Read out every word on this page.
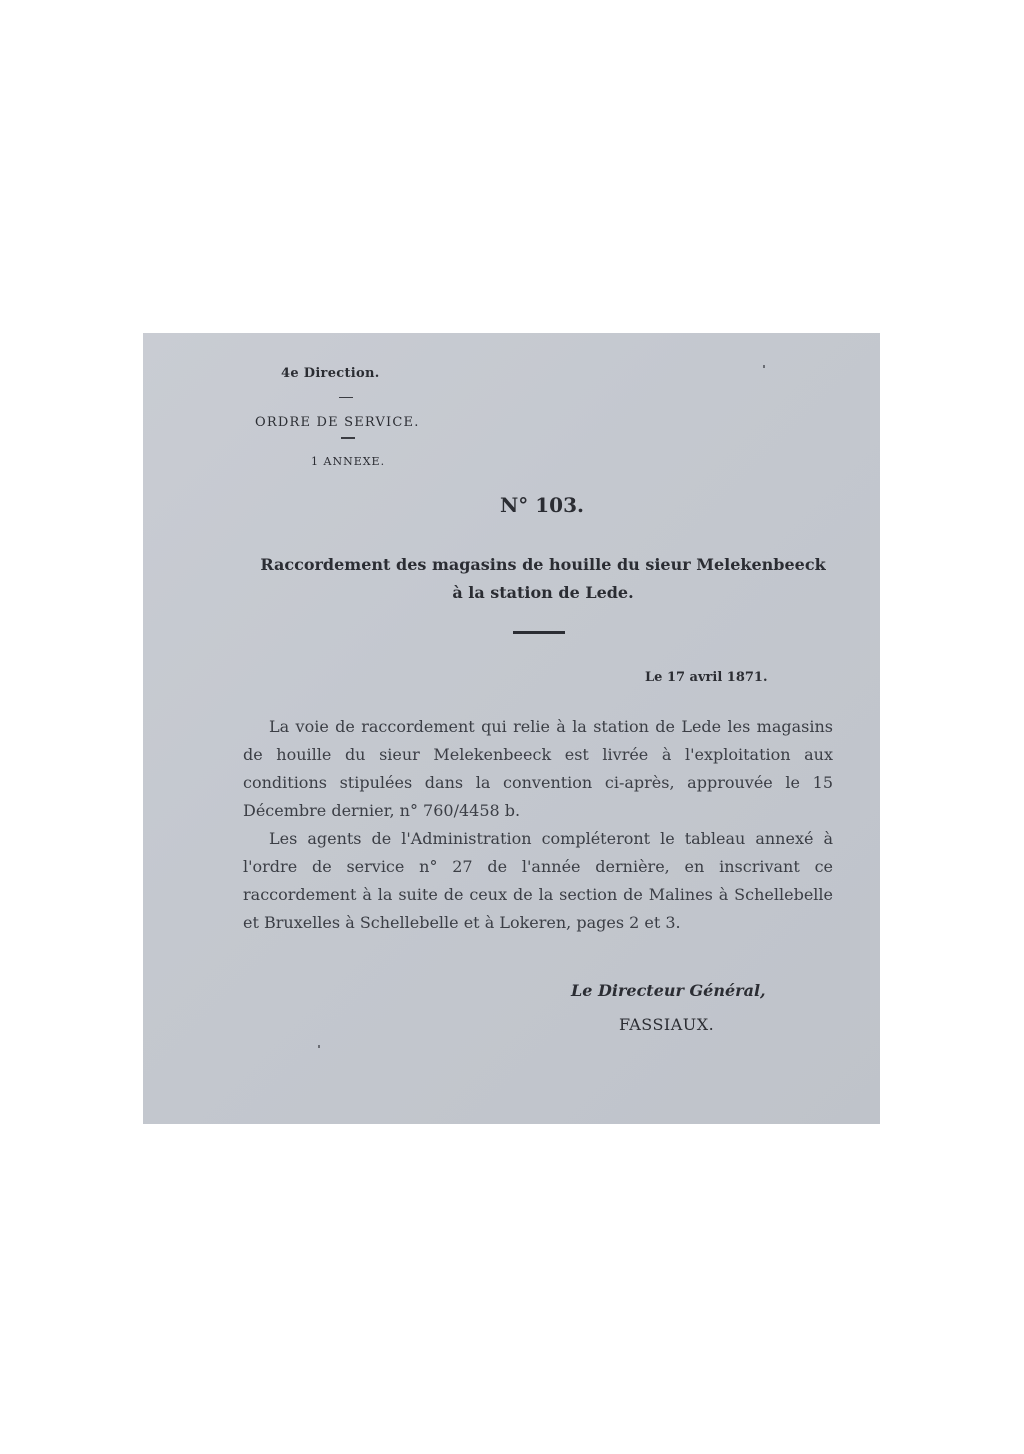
4e Direction.
ORDRE DE SERVICE.
1 ANNEXE.
N° 103.
Raccordement des magasins de houille du sieur Melekenbeeck
à la station de Lede.
Le 17 avril 1871.

La voie de raccordement qui relie à la station de Lede les magasins de houille du sieur Melekenbeeck est livrée à l'exploitation aux conditions stipulées dans la convention ci-après, approuvée le 15 Décembre dernier, n° 760/4458 b.

Les agents de l'Administration compléteront le tableau annexé à l'ordre de service n° 27 de l'année dernière, en inscrivant ce raccordement à la suite de ceux de la section de Malines à Schellebelle et Bruxelles à Schellebelle et à Lokeren, pages 2 et 3.

Le Directeur Général,
FASSIAUX.
